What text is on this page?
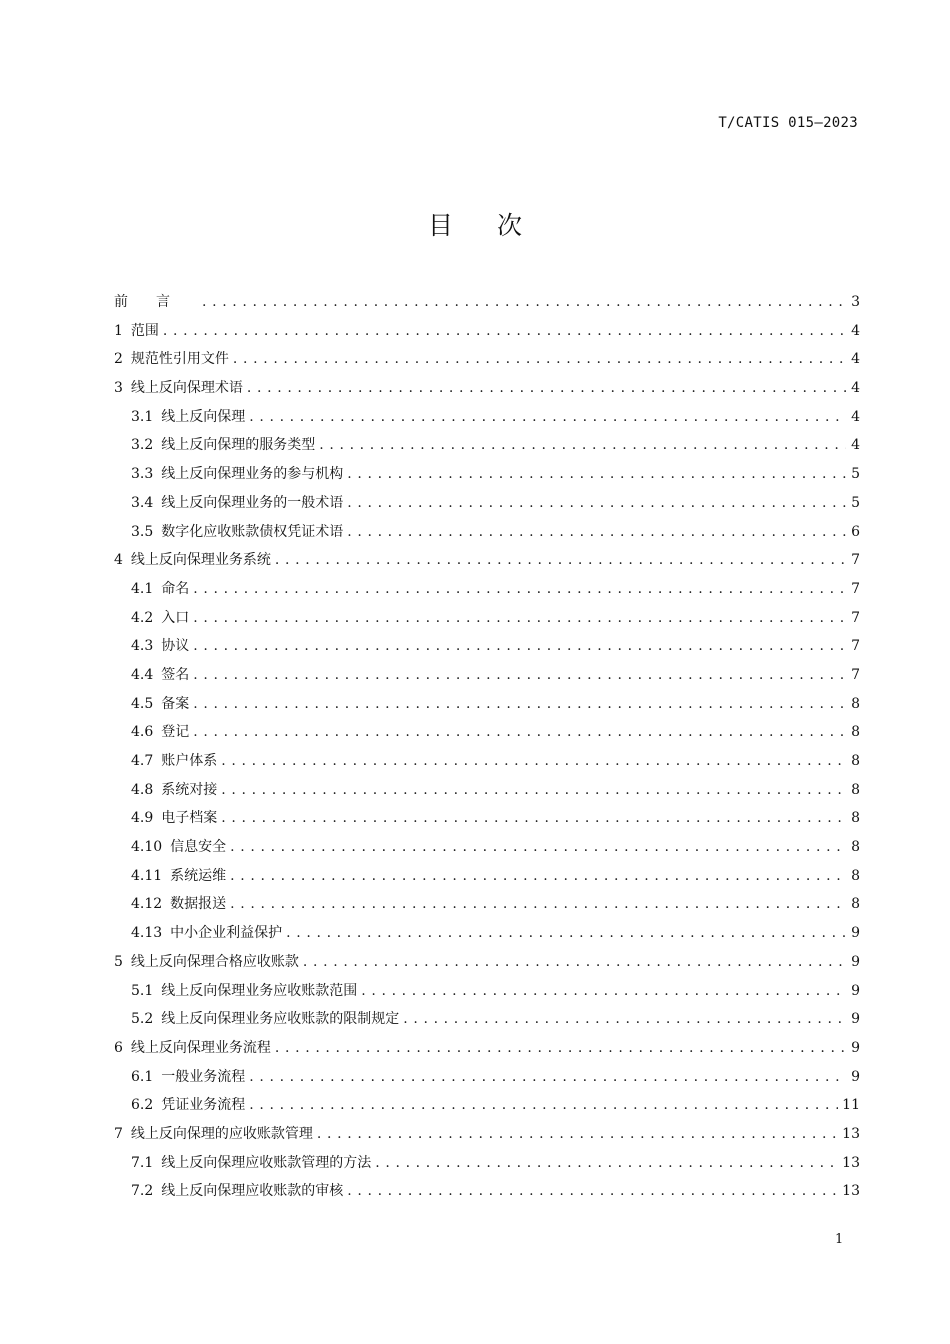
T/CATIS 015—2023
目次
前言 . . .	3
1 范围 . . .	4
2 规范性引用文件 . . .	4
3 线上反向保理术语 . . .	4
3.1 线上反向保理 . . .	4
3.2 线上反向保理的服务类型 . . .	4
3.3 线上反向保理业务的参与机构 . . .	5
3.4 线上反向保理业务的一般术语 . . .	5
3.5 数字化应收账款债权凭证术语 . . .	6
4 线上反向保理业务系统 . . .	7
4.1 命名 . . .	7
4.2 入口 . . .	7
4.3 协议 . . .	7
4.4 签名 . . .	7
4.5 备案 . . .	8
4.6 登记 . . .	8
4.7 账户体系 . . .	8
4.8 系统对接 . . .	8
4.9 电子档案 . . .	8
4.10 信息安全 . . .	8
4.11 系统运维 . . .	8
4.12 数据报送 . . .	8
4.13 中小企业利益保护 . . .	9
5 线上反向保理合格应收账款 . . .	9
5.1 线上反向保理业务应收账款范围 . . .	9
5.2 线上反向保理业务应收账款的限制规定 . . .	9
6 线上反向保理业务流程 . . .	9
6.1 一般业务流程 . . .	9
6.2 凭证业务流程 . . .	11
7 线上反向保理的应收账款管理 . . .	13
7.1 线上反向保理应收账款管理的方法 . . .	13
7.2 线上反向保理应收账款的审核 . . .	13
1
